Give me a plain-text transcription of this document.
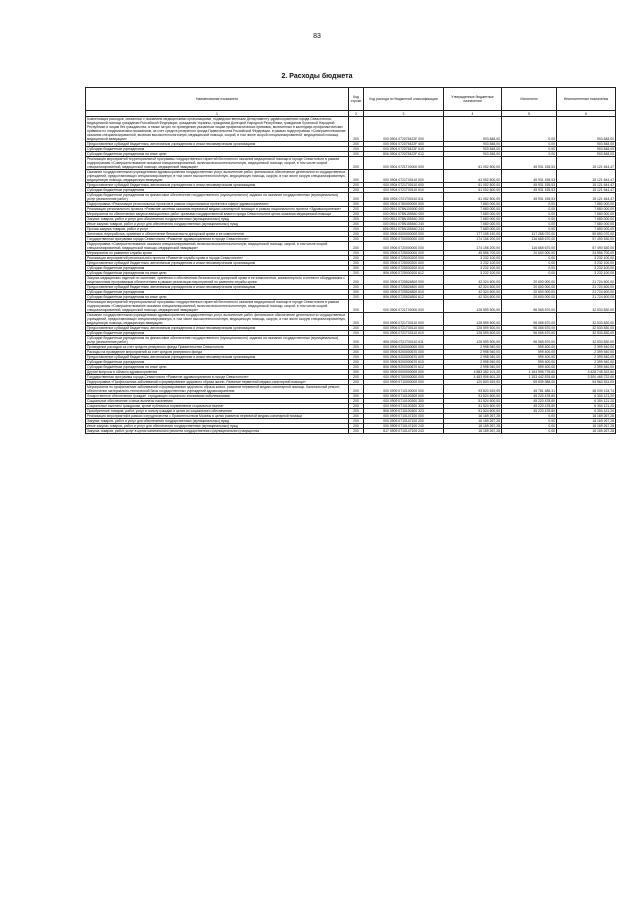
83
2. Расходы бюджета
Наименование показателя	Код строки	Код расхода по бюджетной классификации	Утвержденные бюджетные назначения	Исполнено	Неисполненные назначения
1	2	3	4	5	6
Компенсация расходов, связанных с оказанием медицинскими организациями, подведомственными Департаменту здравоохранения города Севастополя, медицинской помощи гражданам Российской Федерации, гражданам Украины, гражданам Донецкой Народной Республики, гражданам Луганской Народной Республики и лицам без гражданства, а также затрат по проведению указанным лицам профилактических прививок, включенных в календарь профилактических прививок по эпидемическим показаниям, за счет средств резервного фонда Правительства Российской Федерации, в рамках подпрограммы «Совершенствование оказания специализированной, включая высокотехнологичную, медицинской помощи, скорой, в том числе скорой специализированной, медицинской помощи, медицинской эвакуации»	200	000 0904 072075422F 000	903 848,00	0,00	903 848,00
Предоставление субсидий бюджетным, автономным учреждениям и иным некоммерческим организациям	200	000 0904 072075422F 600	903 848,00	0,00	903 848,00
Субсидии бюджетным учреждениям	200	000 0904 072075422F 610	903 848,00	0,00	903 848,00
Субсидии бюджетным учреждениям на иные цели	200	806 0904 072075422F 612	903 848,00	0,00	903 848,00
Реализация мероприятий территориальной программы государственных гарантий бесплатного оказания медицинской помощи в городе Севастополе в рамках подпрограммы «Совершенствование оказания специализированной, включая высокотехнологичную, медицинской помощи, скорой, в том числе скорой специализированной, медицинской помощи, медицинской эвакуации»	200	000 0904 0721T00000 000	61 052 800,00	45 931 155,53	15 121 644,47
Оказание государственными учреждениями здравоохранения государственных услуг, выполнение работ, финансовое обеспечение деятельности государственных учреждений, предоставляющих специализированную, в том числе высокотехнологичную, медицинскую помощь, скорую, в том числе скорую специализированную, медицинскую помощь, медицинскую эвакуацию	200	000 0904 0721T00110 000	61 052 800,00	45 931 155,53	15 121 644,47
Предоставление субсидий бюджетным, автономным учреждениям и иным некоммерческим организациям	200	000 0904 0721T00110 600	61 052 800,00	45 931 155,53	15 121 644,47
Субсидии бюджетным учреждениям	200	000 0904 0721T00110 610	61 052 800,00	45 931 155,53	15 121 644,47
Субсидии бюджетным учреждениям на финансовое обеспечение государственного (муниципального) задания на оказание государственных (муниципальных) услуг (выполнение работ)	200	806 0904 0721T00110 611	61 052 800,00	45 931 155,53	15 121 644,47
Подпрограмма «Реализация региональных проектов в рамках национальных проектов в сфере здравоохранения»	200	000 0904 0780000000 000	7 680 000,00	0,00	7 680 000,00
Реализация регионального проекта «Развитие системы оказания первичной медико-санитарной помощи» в рамках национального проекта «Здравоохранение»	200	000 0904 078N100000 000	7 680 000,00	0,00	7 680 000,00
Мероприятия по обеспечению закупки авиационных работ органами государственной власти города Севастополя в целях оказания медицинской помощи	200	000 0904 078N155540 000	7 680 000,00	0,00	7 680 000,00
Закупка товаров, работ и услуг для обеспечения государственных (муниципальных) нужд	200	000 0904 078N155540 200	7 680 000,00	0,00	7 680 000,00
Иные закупки товаров, работ и услуг для обеспечения государственных (муниципальных) нужд	200	000 0904 078N155540 240	7 680 000,00	0,00	7 680 000,00
Прочая закупка товаров, работ и услуг	200	806 0904 078N155540 244	7 680 000,00	0,00	7 680 000,00
Заготовка, переработка, хранение и обеспечение безопасности донорской крови и ее компонентов	200	000 0906 0000000000 000	177 155 140,00	117 265 070,00	59 890 070,00
Государственная программа города Севастополя «Развитие здравоохранения в городе Севастополе»	200	000 0906 0700000000 000	174 156 200,00	116 665 670,00	57 490 530,00
Подпрограмма «Совершенствование оказания специализированной, включая высокотехнологичную, медицинской помощи, скорой, в том числе скорой специализированной, медицинской помощи, медицинской эвакуации»	200	000 0906 0720000000 000	174 156 200,00	116 665 670,00	57 490 530,00
Мероприятия по развитию службы крови	200	000 0906 0725000000 000	45 556 700,00	20 600 000,00	24 956 700,00
Реализация мероприятий регионального проекта «Развитие службы крови в городе Севастополе»	200	000 0906 0725000200 000	3 232 100,00	0,00	3 232 100,00
Предоставление субсидий бюджетным, автономным учреждениям и иным некоммерческим организациям	200	000 0906 0725000200 600	3 232 100,00	0,00	3 232 100,00
Субсидии бюджетным учреждениям	200	000 0906 0725000200 610	3 232 100,00	0,00	3 232 100,00
Субсидии бюджетным учреждениям на иные цели	200	806 0906 0725000200 612	3 232 100,00	0,00	3 232 100,00
Закупка медицинских изделий по заготовке, хранению и обеспечению безопасности донорской крови и ее компонентов, компьютерного и сетевого оборудования с лицензионным программным обеспечением в рамках реализации мероприятий по развитию службы крови	200	000 0906 0725524800 000	42 324 600,00	20 600 000,00	21 724 600,00
Предоставление субсидий бюджетным, автономным учреждениям и иным некоммерческим организациям	200	000 0906 0725524800 600	42 324 600,00	20 600 000,00	21 724 600,00
Субсидии бюджетным учреждениям	200	000 0906 0725524800 610	42 324 600,00	20 600 000,00	21 724 600,00
Субсидии бюджетным учреждениям на иные цели	200	806 0906 0725524800 612	42 324 600,00	20 600 000,00	21 724 600,00
Реализация мероприятий территориальной программы государственных гарантий бесплатного оказания медицинской помощи в городе Севастополе в рамках подпрограммы «Совершенствование оказания специализированной, включая высокотехнологичную, медицинской помощи, скорой, в том числе скорой специализированной, медицинской помощи, медицинской эвакуации»	200	000 0906 0721T00000 000	128 599 500,00	96 065 670,00	32 533 830,00
Оказание государственными учреждениями здравоохранения государственных услуг, выполнение работ, финансовое обеспечение деятельности государственных учреждений, предоставляющих специализированную, в том числе высокотехнологичную, медицинскую помощь, скорую, в том числе скорую специализированную, медицинскую помощь, медицинскую эвакуацию	200	000 0906 0721T00110 000	128 599 500,00	96 065 670,00	32 533 830,00
Предоставление субсидий бюджетным, автономным учреждениям и иным некоммерческим организациям	200	000 0906 0721T00110 600	128 599 500,00	96 065 670,00	32 533 830,00
Субсидии бюджетным учреждениям	200	000 0906 0721T00110 610	128 599 500,00	96 065 670,00	32 533 830,00
Субсидии бюджетным учреждениям на финансовое обеспечение государственного (муниципального) задания на оказание государственных (муниципальных) услуг (выполнение работ)	200	806 0906 0721T00110 611	128 599 500,00	96 065 670,00	32 533 830,00
Проведение расходов за счет средств резервного фонда Правительства Севастополя	200	000 0906 9200000000 000	2 998 940,00	599 400,00	2 399 540,00
Расходы на проведение мероприятий за счет средств резервного фонда	200	000 0906 9200000670 000	2 998 940,00	599 400,00	2 399 540,00
Предоставление субсидий бюджетным, автономным учреждениям и иным некоммерческим организациям	200	000 0906 9200000670 600	2 998 940,00	599 400,00	2 399 540,00
Субсидии бюджетным учреждениям	200	000 0906 9200000670 610	2 998 940,00	599 400,00	2 399 540,00
Субсидии бюджетным учреждениям на иные цели	200	806 0906 9200000670 612	2 998 940,00	599 400,00	2 399 540,00
Другие вопросы в области здравоохранения	200	000 0909 0000000000 000	4 583 352 101,20	1 154 906 776,60	3 428 745 322,60
Государственная программа города Севастополя «Развитие здравоохранения в городе Севастополе»	200	000 0909 0700000000 000	4 453 906 601,20	1 153 442 876,60	3 300 465 722,60
Подпрограмма «Профилактика заболеваний и формирование здорового образа жизни. Развитие первичной медико-санитарной помощи»	200	000 0909 0710000000 000	120 803 519,00	65 839 988,00	54 963 531,00
Мероприятия по профилактике заболеваний и формированию здорового образа жизни, развитие первичной медико-санитарной помощи. Капитальный ремонт, обеспечение материально-технической базы государственных учреждений здравоохранения	200	000 0909 0710100000 000	93 820 619,05	45 781 485,31	48 039 133,74
Лекарственное обеспечение граждан, страдающих социально значимыми заболеваниями	200	000 0909 0710100300 000	51 524 600,00	45 220 478,80	6 304 121,20
Социальное обеспечение и иные выплаты населению	200	000 0909 0710100300 300	51 524 600,00	45 220 478,80	6 304 121,20
Социальные выплаты гражданам, кроме публичных нормативных социальных выплат	200	000 0909 0710100300 320	51 524 600,00	45 220 478,80	6 304 121,20
Приобретение товаров, работ, услуг в пользу граждан в целях их социального обеспечения	200	806 0909 0710100300 323	51 524 600,00	45 220 478,80	6 304 121,20
Реализация мероприятий в рамках сотрудничества с Правительством Москвы в целях развития первичной медико-санитарной помощи	200	000 0909 0710147100 000	16 169 267,28	0,00	16 169 267,28
Закупка товаров, работ и услуг для обеспечения государственных (муниципальных) нужд	200	000 0909 0710147100 200	16 169 267,28	0,00	16 169 267,28
Иные закупки товаров, работ и услуг для обеспечения государственных (муниципальных) нужд	200	000 0909 0710147100 240	16 169 267,28	0,00	16 169 267,28
Закупка товаров, работ, услуг в целях капитального ремонта государственного (муниципального) имущества	200	817 0909 0710147100 243	16 169 267,28	0,00	16 169 267,28
